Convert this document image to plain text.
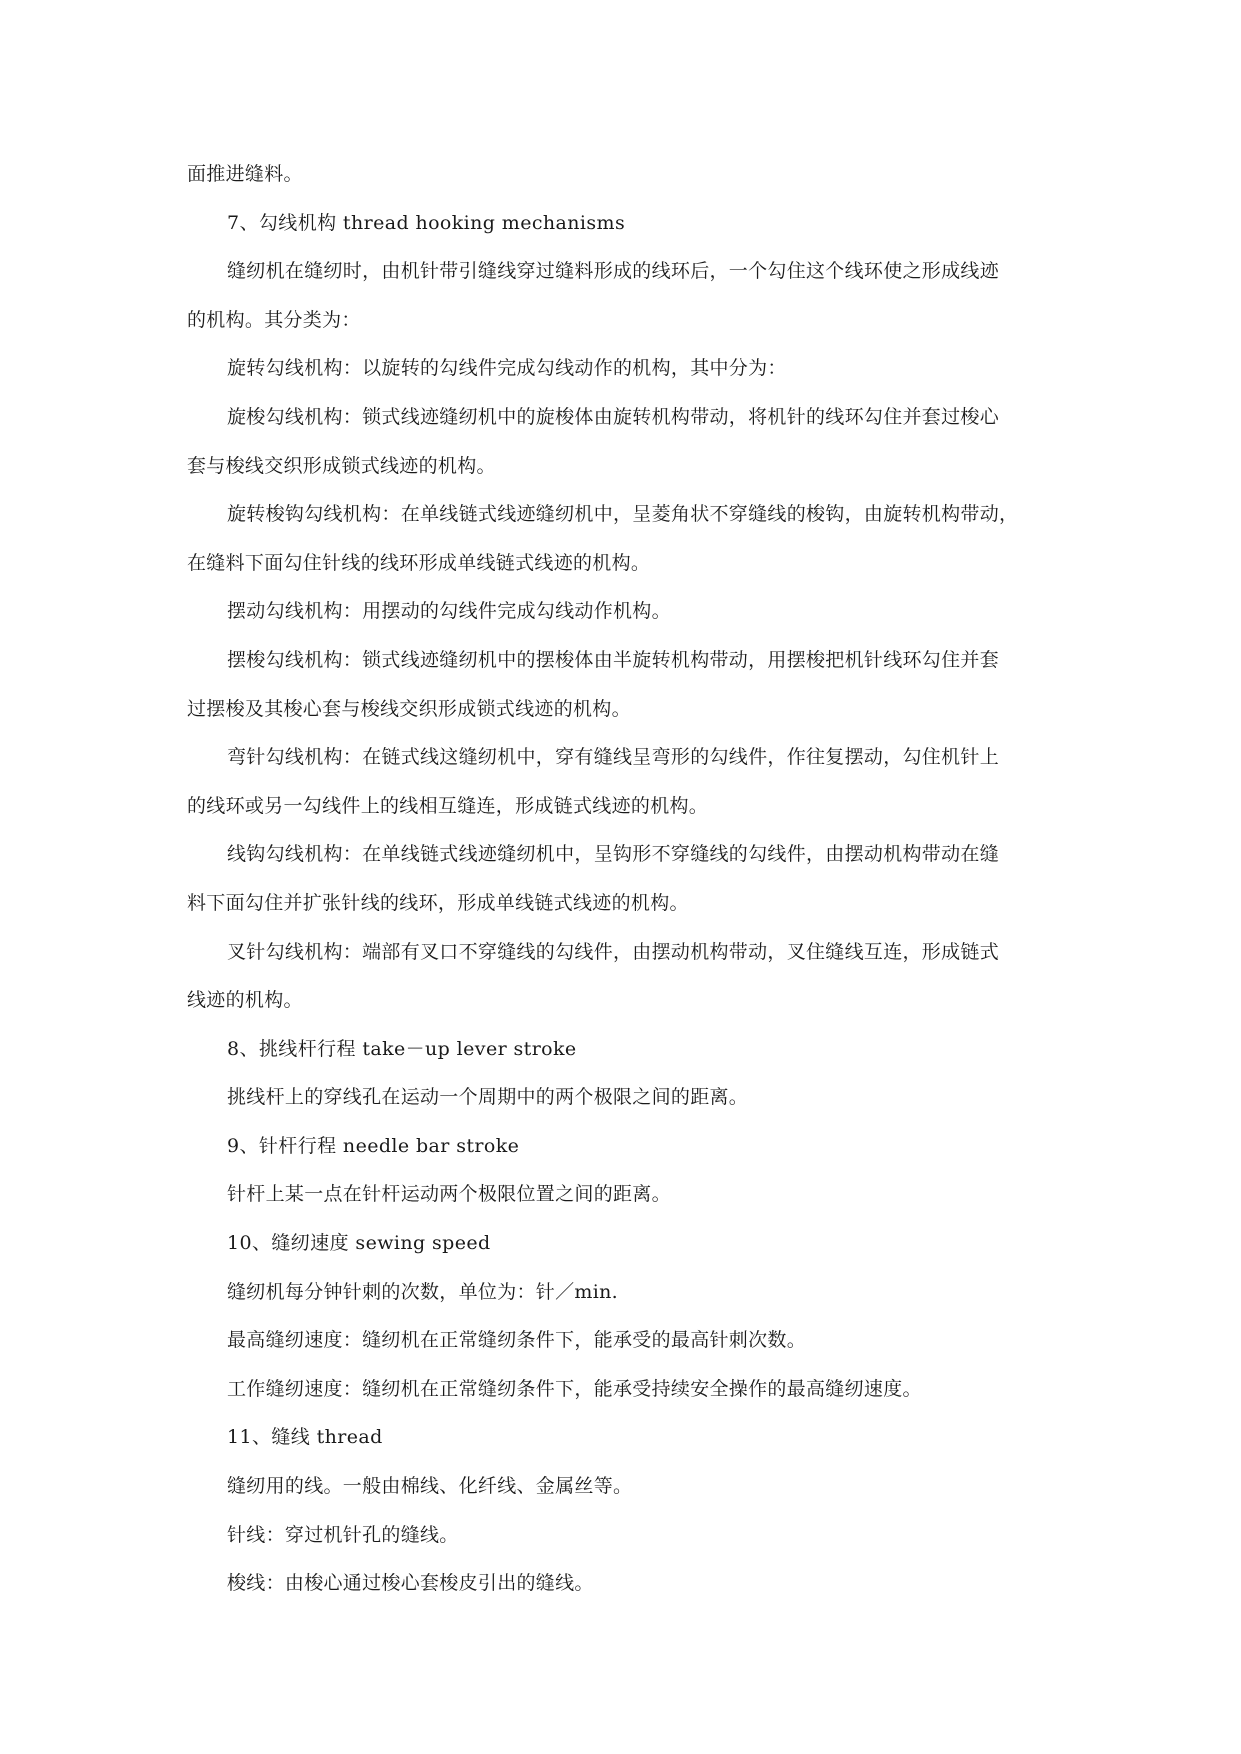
面推进缝料。
7、勾线机构 thread hooking mechanisms
缝纫机在缝纫时，由机针带引缝线穿过缝料形成的线环后，一个勾住这个线环使之形成线迹
的机构。其分类为：
旋转勾线机构：以旋转的勾线件完成勾线动作的机构，其中分为：
旋梭勾线机构：锁式线迹缝纫机中的旋梭体由旋转机构带动，将机针的线环勾住并套过梭心
套与梭线交织形成锁式线迹的机构。
旋转梭钩勾线机构：在单线链式线迹缝纫机中，呈菱角状不穿缝线的梭钩，由旋转机构带动，
在缝料下面勾住针线的线环形成单线链式线迹的机构。
摆动勾线机构：用摆动的勾线件完成勾线动作机构。
摆梭勾线机构：锁式线迹缝纫机中的摆梭体由半旋转机构带动，用摆梭把机针线环勾住并套
过摆梭及其梭心套与梭线交织形成锁式线迹的机构。
弯针勾线机构：在链式线这缝纫机中，穿有缝线呈弯形的勾线件，作往复摆动，勾住机针上
的线环或另一勾线件上的线相互缝连，形成链式线迹的机构。
线钩勾线机构：在单线链式线迹缝纫机中，呈钩形不穿缝线的勾线件，由摆动机构带动在缝
料下面勾住并扩张针线的线环，形成单线链式线迹的机构。
叉针勾线机构：端部有叉口不穿缝线的勾线件，由摆动机构带动，叉住缝线互连，形成链式
线迹的机构。
8、挑线杆行程 take－up lever stroke
挑线杆上的穿线孔在运动一个周期中的两个极限之间的距离。
9、针杆行程 needle bar stroke
针杆上某一点在针杆运动两个极限位置之间的距离。
10、缝纫速度 sewing speed
缝纫机每分钟针刺的次数，单位为：针／min.
最高缝纫速度：缝纫机在正常缝纫条件下，能承受的最高针刺次数。
工作缝纫速度：缝纫机在正常缝纫条件下，能承受持续安全操作的最高缝纫速度。
11、缝线 thread
缝纫用的线。一般由棉线、化纤线、金属丝等。
针线：穿过机针孔的缝线。
梭线：由梭心通过梭心套梭皮引出的缝线。
